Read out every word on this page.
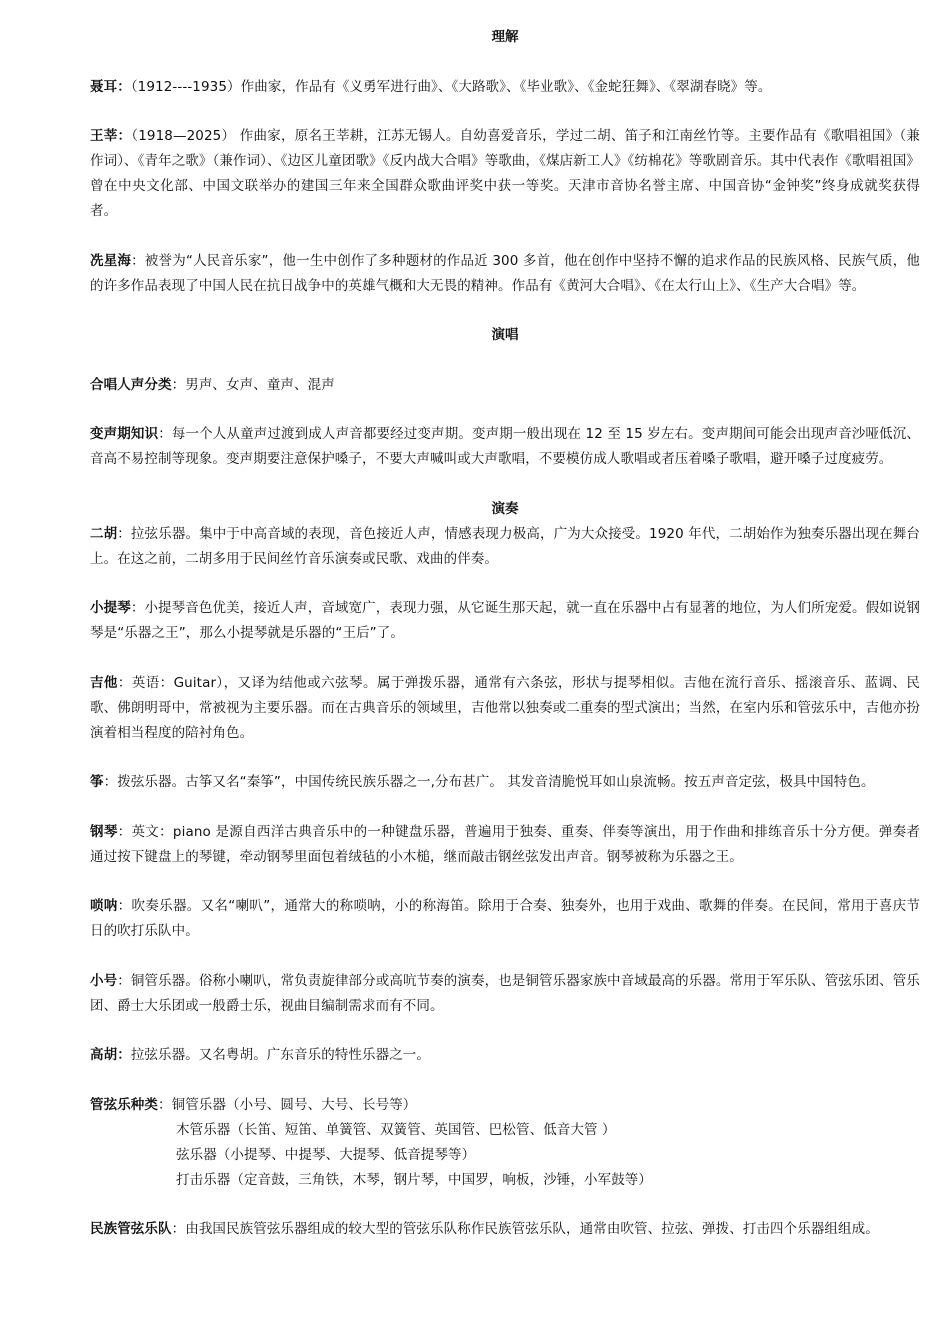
理解

聂耳：（1912----1935）作曲家，作品有《义勇军进行曲》、《大路歌》、《毕业歌》、《金蛇狂舞》、《翠湖春晓》等。

王莘：（1918—2025） 作曲家，原名王莘耕，江苏无锡人。自幼喜爱音乐，学过二胡、笛子和江南丝竹等。主要作品有《歌唱祖国》（兼作词）、《青年之歌》（兼作词）、《边区儿童团歌》《反内战大合唱》等歌曲，《煤店新工人》《纺棉花》等歌剧音乐。其中代表作《歌唱祖国》曾在中央文化部、中国文联举办的建国三年来全国群众歌曲评奖中获一等奖。天津市音协名誉主席、中国音协“金钟奖”终身成就奖获得者。

冼星海：被誉为“人民音乐家”，他一生中创作了多种题材的作品近 300 多首，他在创作中坚持不懈的追求作品的民族风格、民族气质，他的许多作品表现了中国人民在抗日战争中的英雄气概和大无畏的精神。作品有《黄河大合唱》、《在太行山上》、《生产大合唱》等。

演唱

合唱人声分类：男声、女声、童声、混声

变声期知识：每一个人从童声过渡到成人声音都要经过变声期。变声期一般出现在 12 至 15 岁左右。变声期间可能会出现声音沙哑低沉、音高不易控制等现象。变声期要注意保护嗓子，不要大声喊叫或大声歌唱，不要模仿成人歌唱或者压着嗓子歌唱，避开嗓子过度疲劳。

演奏

二胡：拉弦乐器。集中于中高音域的表现，音色接近人声，情感表现力极高，广为大众接受。1920 年代，二胡始作为独奏乐器出现在舞台上。在这之前，二胡多用于民间丝竹音乐演奏或民歌、戏曲的伴奏。

小提琴：小提琴音色优美，接近人声，音域宽广，表现力强，从它诞生那天起，就一直在乐器中占有显著的地位，为人们所宠爱。假如说钢琴是“乐器之王”，那么小提琴就是乐器的“王后”了。

吉他：英语：Guitar），又译为结他或六弦琴。属于弹拨乐器，通常有六条弦，形状与提琴相似。吉他在流行音乐、摇滚音乐、蓝调、民歌、佛朗明哥中，常被视为主要乐器。而在古典音乐的领域里，吉他常以独奏或二重奏的型式演出；当然，在室内乐和管弦乐中，吉他亦扮演着相当程度的陪衬角色。

筝：拨弦乐器。古筝又名“秦筝”，中国传统民族乐器之一,分布甚广。 其发音清脆悦耳如山泉流畅。按五声音定弦，极具中国特色。

钢琴：英文：piano 是源自西洋古典音乐中的一种键盘乐器，普遍用于独奏、重奏、伴奏等演出，用于作曲和排练音乐十分方便。弹奏者通过按下键盘上的琴键，牵动钢琴里面包着绒毡的小木槌，继而敲击钢丝弦发出声音。钢琴被称为乐器之王。

唢呐：吹奏乐器。又名“喇叭”，通常大的称唢呐，小的称海笛。除用于合奏、独奏外，也用于戏曲、歌舞的伴奏。在民间，常用于喜庆节日的吹打乐队中。

小号：铜管乐器。俗称小喇叭，常负责旋律部分或高吭节奏的演奏，也是铜管乐器家族中音域最高的乐器。常用于军乐队、管弦乐团、管乐团、爵士大乐团或一般爵士乐，视曲目编制需求而有不同。

高胡：拉弦乐器。又名粤胡。广东音乐的特性乐器之一。

管弦乐种类：铜管乐器（小号、圆号、大号、长号等）
木管乐器（长笛、短笛、单簧管、双簧管、英国管、巴松管、低音大管 ）
弦乐器（小提琴、中提琴、大提琴、低音提琴等）
打击乐器（定音鼓，三角铁，木琴，钢片琴，中国罗，响板，沙锤，小军鼓等）

民族管弦乐队：由我国民族管弦乐器组成的较大型的管弦乐队称作民族管弦乐队，通常由吹管、拉弦、弹拨、打击四个乐器组组成。
